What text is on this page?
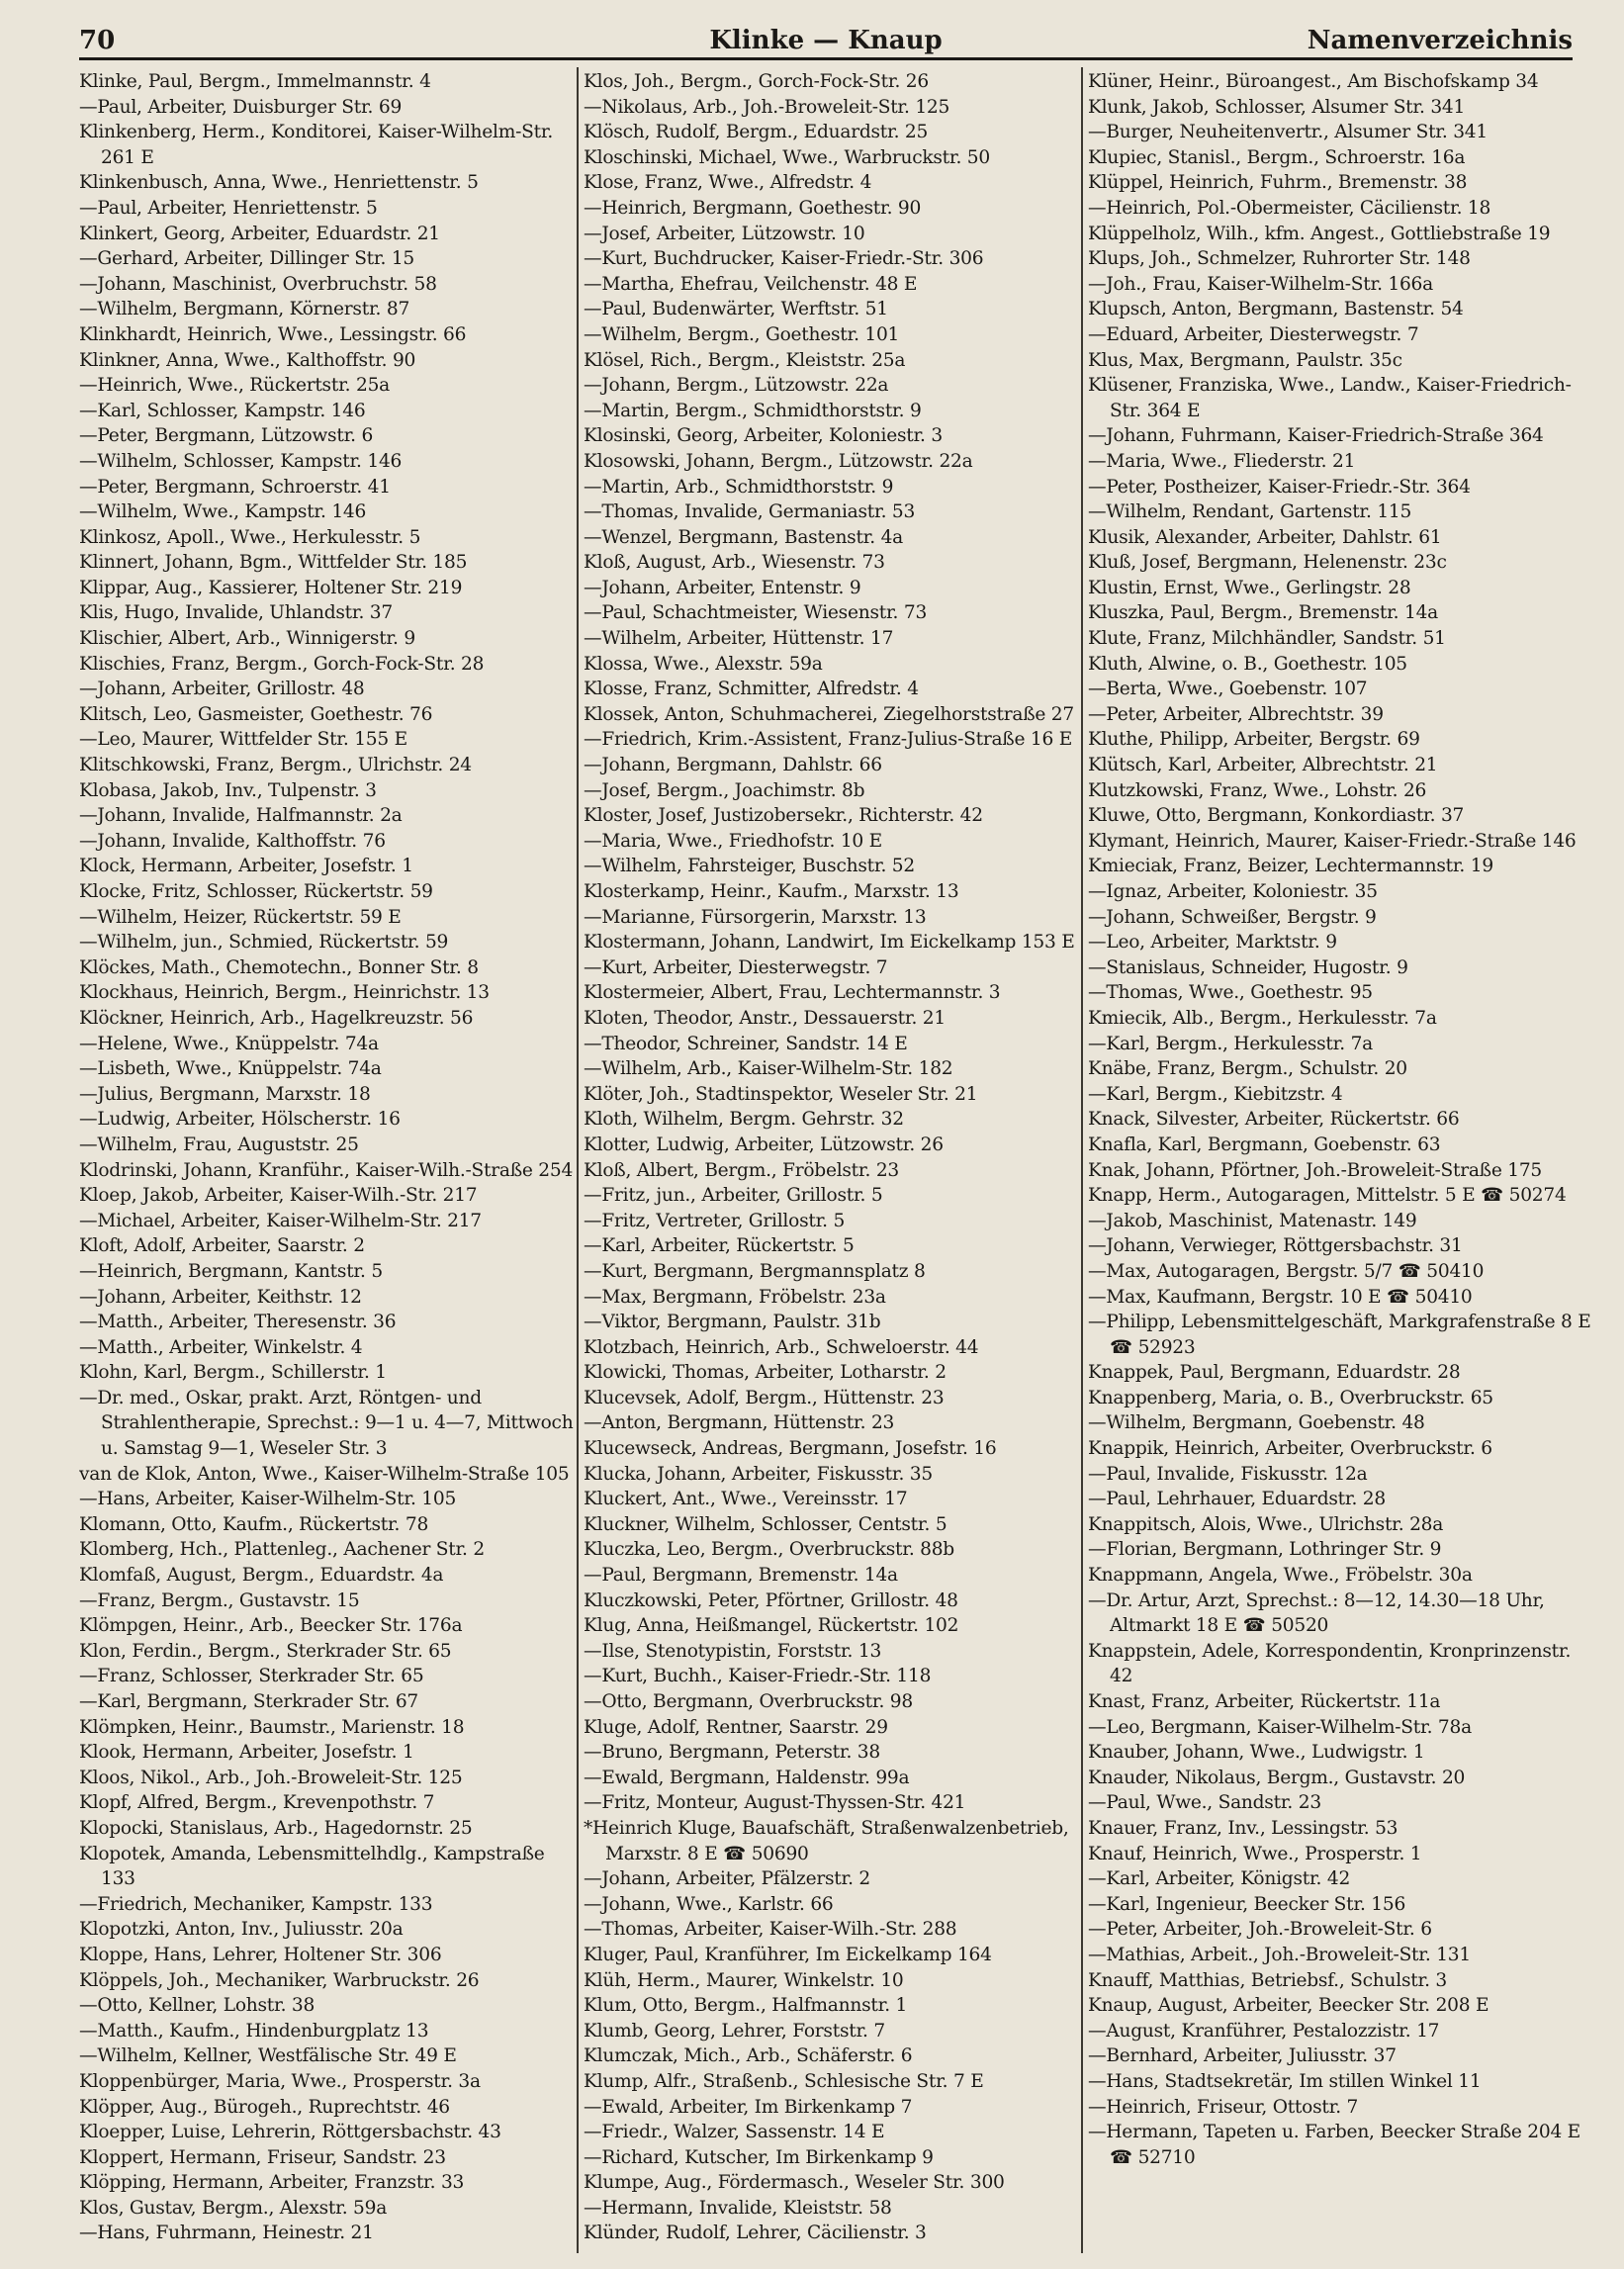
70	Klinke — Knaup	Namenverzeichnis
Klinke, Paul, Bergm., Immelmannstr. 4
—Paul, Arbeiter, Duisburger Str. 69
Klinkenberg, Herm., Konditorei, Kaiser-Wilhelm-Str. 261 E
Klinkenbusch, Anna, Wwe., Henriettenstr. 5
—Paul, Arbeiter, Henriettenstr. 5
Klinkert, Georg, Arbeiter, Eduardstr. 21
—Gerhard, Arbeiter, Dillinger Str. 15
—Johann, Maschinist, Overbruchstr. 58
—Wilhelm, Bergmann, Körnerstr. 87
Klinkhardt, Heinrich, Wwe., Lessingstr. 66
Klinkner, Anna, Wwe., Kalthoffstr. 90
—Heinrich, Wwe., Rückertstr. 25a
—Karl, Schlosser, Kampstr. 146
—Peter, Bergmann, Lützowstr. 6
—Wilhelm, Schlosser, Kampstr. 146
—Peter, Bergmann, Schroerstr. 41
—Wilhelm, Wwe., Kampstr. 146
Klinkosz, Apoll., Wwe., Herkulesstr. 5
Klinnert, Johann, Bgm., Wittfelder Str. 185
Klippar, Aug., Kassierer, Holtener Str. 219
Klis, Hugo, Invalide, Uhlandstr. 37
Klischier, Albert, Arb., Winnigerstr. 9
Klischies, Franz, Bergm., Gorch-Fock-Str. 28
—Johann, Arbeiter, Grillostr. 48
Klitsch, Leo, Gasmeister, Goethestr. 76
—Leo, Maurer, Wittfelder Str. 155 E
Klitschkowski, Franz, Bergm., Ulrichstr. 24
Klobasa, Jakob, Inv., Tulpenstr. 3
—Johann, Invalide, Halfmannstr. 2a
—Johann, Invalide, Kalthoffstr. 76
Klock, Hermann, Arbeiter, Josefstr. 1
Klocke, Fritz, Schlosser, Rückertstr. 59
—Wilhelm, Heizer, Rückertstr. 59 E
—Wilhelm, jun., Schmied, Rückertstr. 59
Klöckes, Math., Chemotechn., Bonner Str. 8
Klockhaus, Heinrich, Bergm., Heinrichstr. 13
Klöckner, Heinrich, Arb., Hagelkreuzstr. 56
—Helene, Wwe., Knüppelstr. 74a
—Lisbeth, Wwe., Knüppelstr. 74a
—Julius, Bergmann, Marxstr. 18
—Ludwig, Arbeiter, Hölscherstr. 16
—Wilhelm, Frau, Auguststr. 25
Klodrinski, Johann, Kranführ., Kaiser-Wilh.-Straße 254
Kloep, Jakob, Arbeiter, Kaiser-Wilh.-Str. 217
—Michael, Arbeiter, Kaiser-Wilhelm-Str. 217
Kloft, Adolf, Arbeiter, Saarstr. 2
—Heinrich, Bergmann, Kantstr. 5
—Johann, Arbeiter, Keithstr. 12
—Matth., Arbeiter, Theresenstr. 36
—Matth., Arbeiter, Winkelstr. 4
Klohn, Karl, Bergm., Schillerstr. 1
—Dr. med., Oskar, prakt. Arzt, Röntgen- und Strahlentherapie, Sprechst.: 9—1 u. 4—7, Mittwoch u. Samstag 9—1, Weseler Str. 3
van de Klok, Anton, Wwe., Kaiser-Wilhelm-Straße 105
—Hans, Arbeiter, Kaiser-Wilhelm-Str. 105
Klomann, Otto, Kaufm., Rückertstr. 78
Klomberg, Hch., Plattenleg., Aachener Str. 2
Klomfaß, August, Bergm., Eduardstr. 4a
—Franz, Bergm., Gustavstr. 15
Klömpgen, Heinr., Arb., Beecker Str. 176a
Klon, Ferdin., Bergm., Sterkrader Str. 65
—Franz, Schlosser, Sterkrader Str. 65
—Karl, Bergmann, Sterkrader Str. 67
Klömpken, Heinr., Baumstr., Marienstr. 18
Klook, Hermann, Arbeiter, Josefstr. 1
Kloos, Nikol., Arb., Joh.-Broweleit-Str. 125
Klopf, Alfred, Bergm., Krevenpothstr. 7
Klopocki, Stanislaus, Arb., Hagedornstr. 25
Klopotek, Amanda, Lebensmittelhdlg., Kampstraße 133
—Friedrich, Mechaniker, Kampstr. 133
Klopotzki, Anton, Inv., Juliusstr. 20a
Kloppe, Hans, Lehrer, Holtener Str. 306
Klöppels, Joh., Mechaniker, Warbruckstr. 26
—Otto, Kellner, Lohstr. 38
—Matth., Kaufm., Hindenburgplatz 13
—Wilhelm, Kellner, Westfälische Str. 49 E
Kloppenbürger, Maria, Wwe., Prosperstr. 3a
Klöpper, Aug., Bürogeh., Ruprechtstr. 46
Kloepper, Luise, Lehrerin, Röttgersbachstr. 43
Kloppert, Hermann, Friseur, Sandstr. 23
Klöpping, Hermann, Arbeiter, Franzstr. 33
Klos, Gustav, Bergm., Alexstr. 59a
—Hans, Fuhrmann, Heinestr. 21
Klos, Joh., Bergm., Gorch-Fock-Str. 26
—Nikolaus, Arb., Joh.-Broweleit-Str. 125
Klösch, Rudolf, Bergm., Eduardstr. 25
Kloschinski, Michael, Wwe., Warbruckstr. 50
Klose, Franz, Wwe., Alfredstr. 4
—Heinrich, Bergmann, Goethestr. 90
—Josef, Arbeiter, Lützowstr. 10
—Kurt, Buchdrucker, Kaiser-Friedr.-Str. 306
—Martha, Ehefrau, Veilchenstr. 48 E
—Paul, Budenwärter, Werftstr. 51
—Wilhelm, Bergm., Goethestr. 101
Klösel, Rich., Bergm., Kleiststr. 25a
—Johann, Bergm., Lützowstr. 22a
—Martin, Bergm., Schmidthorststr. 9
Klosinski, Georg, Arbeiter, Koloniestr. 3
Klosowski, Johann, Bergm., Lützowstr. 22a
—Martin, Arb., Schmidthorststr. 9
—Thomas, Invalide, Germaniastr. 53
—Wenzel, Bergmann, Bastenstr. 4a
Kloß, August, Arb., Wiesenstr. 73
—Johann, Arbeiter, Entenstr. 9
—Paul, Schachtmeister, Wiesenstr. 73
—Wilhelm, Arbeiter, Hüttenstr. 17
Klossa, Wwe., Alexstr. 59a
Klosse, Franz, Schmitter, Alfredstr. 4
Klossek, Anton, Schuhmacherei, Ziegelhorststraße 27
—Friedrich, Krim.-Assistent, Franz-Julius-Straße 16 E
—Johann, Bergmann, Dahlstr. 66
—Josef, Bergm., Joachimstr. 8b
Kloster, Josef, Justizobersekr., Richterstr. 42
—Maria, Wwe., Friedhofstr. 10 E
—Wilhelm, Fahrsteiger, Buschstr. 52
Klosterkamp, Heinr., Kaufm., Marxstr. 13
—Marianne, Fürsorgerin, Marxstr. 13
Klostermann, Johann, Landwirt, Im Eickelkamp 153 E
—Kurt, Arbeiter, Diesterwegstr. 7
Klostermeier, Albert, Frau, Lechtermannstr. 3
Kloten, Theodor, Anstr., Dessauerstr. 21
—Theodor, Schreiner, Sandstr. 14 E
—Wilhelm, Arb., Kaiser-Wilhelm-Str. 182
Klöter, Joh., Stadtinspektor, Weseler Str. 21
Kloth, Wilhelm, Bergm. Gehrstr. 32
Klotter, Ludwig, Arbeiter, Lützowstr. 26
Kloß, Albert, Bergm., Fröbelstr. 23
—Fritz, jun., Arbeiter, Grillostr. 5
—Fritz, Vertreter, Grillostr. 5
—Karl, Arbeiter, Rückertstr. 5
—Kurt, Bergmann, Bergmannsplatz 8
—Max, Bergmann, Fröbelstr. 23a
—Viktor, Bergmann, Paulstr. 31b
Klotzbach, Heinrich, Arb., Schweloerstr. 44
Klowicki, Thomas, Arbeiter, Lotharstr. 2
Klucevsek, Adolf, Bergm., Hüttenstr. 23
—Anton, Bergmann, Hüttenstr. 23
Klucewseck, Andreas, Bergmann, Josefstr. 16
Klucka, Johann, Arbeiter, Fiskusstr. 35
Kluckert, Ant., Wwe., Vereinsstr. 17
Kluckner, Wilhelm, Schlosser, Centstr. 5
Kluczka, Leo, Bergm., Overbruckstr. 88b
—Paul, Bergmann, Bremenstr. 14a
Kluczkowski, Peter, Pförtner, Grillostr. 48
Klug, Anna, Heißmangel, Rückertstr. 102
—Ilse, Stenotypistin, Forststr. 13
—Kurt, Buchh., Kaiser-Friedr.-Str. 118
—Otto, Bergmann, Overbruckstr. 98
Kluge, Adolf, Rentner, Saarstr. 29
—Bruno, Bergmann, Peterstr. 38
—Ewald, Bergmann, Haldenstr. 99a
—Fritz, Monteur, August-Thyssen-Str. 421
*Heinrich Kluge, Bauafschäft, Straßenwalzenbetrieb, Marxstr. 8 E ☎ 50690
—Johann, Arbeiter, Pfälzerstr. 2
—Johann, Wwe., Karlstr. 66
—Thomas, Arbeiter, Kaiser-Wilh.-Str. 288
Kluger, Paul, Kranführer, Im Eickelkamp 164
Klüh, Herm., Maurer, Winkelstr. 10
Klum, Otto, Bergm., Halfmannstr. 1
Klumb, Georg, Lehrer, Forststr. 7
Klumczak, Mich., Arb., Schäferstr. 6
Klump, Alfr., Straßenb., Schlesische Str. 7 E
—Ewald, Arbeiter, Im Birkenkamp 7
—Friedr., Walzer, Sassenstr. 14 E
—Richard, Kutscher, Im Birkenkamp 9
Klumpe, Aug., Fördermasch., Weseler Str. 300
—Hermann, Invalide, Kleiststr. 58
Klünder, Rudolf, Lehrer, Cäcilienstr. 3
Klüner, Heinr., Büroangest., Am Bischofskamp 34
Klunk, Jakob, Schlosser, Alsumer Str. 341
—Burger, Neuheitenvertr., Alsumer Str. 341
Klupiec, Stanisl., Bergm., Schroerstr. 16a
Klüppel, Heinrich, Fuhrm., Bremenstr. 38
—Heinrich, Pol.-Obermeister, Cäcilienstr. 18
Klüppelholz, Wilh., kfm. Angest., Gottliebstraße 19
Klups, Joh., Schmelzer, Ruhrorter Str. 148
—Joh., Frau, Kaiser-Wilhelm-Str. 166a
Klupsch, Anton, Bergmann, Bastenstr. 54
—Eduard, Arbeiter, Diesterwegstr. 7
Klus, Max, Bergmann, Paulstr. 35c
Klüsener, Franziska, Wwe., Landw., Kaiser-Friedrich-Str. 364 E
—Johann, Fuhrmann, Kaiser-Friedrich-Straße 364
—Maria, Wwe., Fliederstr. 21
—Peter, Postheizer, Kaiser-Friedr.-Str. 364
—Wilhelm, Rendant, Gartenstr. 115
Klusik, Alexander, Arbeiter, Dahlstr. 61
Kluß, Josef, Bergmann, Helenenstr. 23c
Klustin, Ernst, Wwe., Gerlingstr. 28
Kluszka, Paul, Bergm., Bremenstr. 14a
Klute, Franz, Milchhändler, Sandstr. 51
Kluth, Alwine, o. B., Goethestr. 105
—Berta, Wwe., Goebenstr. 107
—Peter, Arbeiter, Albrechtstr. 39
Kluthe, Philipp, Arbeiter, Bergstr. 69
Klütsch, Karl, Arbeiter, Albrechtstr. 21
Klutzkowski, Franz, Wwe., Lohstr. 26
Kluwe, Otto, Bergmann, Konkordiastr. 37
Klymant, Heinrich, Maurer, Kaiser-Friedr.-Straße 146
Kmieciak, Franz, Beizer, Lechtermannstr. 19
—Ignaz, Arbeiter, Koloniestr. 35
—Johann, Schweißer, Bergstr. 9
—Leo, Arbeiter, Marktstr. 9
—Stanislaus, Schneider, Hugostr. 9
—Thomas, Wwe., Goethestr. 95
Kmiecik, Alb., Bergm., Herkulesstr. 7a
—Karl, Bergm., Herkulesstr. 7a
Knäbe, Franz, Bergm., Schulstr. 20
—Karl, Bergm., Kiebitzstr. 4
Knack, Silvester, Arbeiter, Rückertstr. 66
Knafla, Karl, Bergmann, Goebenstr. 63
Knak, Johann, Pförtner, Joh.-Broweleit-Straße 175
Knapp, Herm., Autogaragen, Mittelstr. 5 E ☎ 50274
—Jakob, Maschinist, Matenastr. 149
—Johann, Verwieger, Röttgersbachstr. 31
—Max, Autogaragen, Bergstr. 5/7 ☎ 50410
—Max, Kaufmann, Bergstr. 10 E ☎ 50410
—Philipp, Lebensmittelgeschäft, Markgrafenstraße 8 E ☎ 52923
Knappek, Paul, Bergmann, Eduardstr. 28
Knappenberg, Maria, o. B., Overbruckstr. 65
—Wilhelm, Bergmann, Goebenstr. 48
Knappik, Heinrich, Arbeiter, Overbruckstr. 6
—Paul, Invalide, Fiskusstr. 12a
—Paul, Lehrhauer, Eduardstr. 28
Knappitsch, Alois, Wwe., Ulrichstr. 28a
—Florian, Bergmann, Lothringer Str. 9
Knappmann, Angela, Wwe., Fröbelstr. 30a
—Dr. Artur, Arzt, Sprechst.: 8—12, 14.30—18 Uhr, Altmarkt 18 E ☎ 50520
Knappstein, Adele, Korrespondentin, Kronprinzenstr. 42
Knast, Franz, Arbeiter, Rückertstr. 11a
—Leo, Bergmann, Kaiser-Wilhelm-Str. 78a
Knauber, Johann, Wwe., Ludwigstr. 1
Knauder, Nikolaus, Bergm., Gustavstr. 20
—Paul, Wwe., Sandstr. 23
Knauer, Franz, Inv., Lessingstr. 53
Knauf, Heinrich, Wwe., Prosperstr. 1
—Karl, Arbeiter, Königstr. 42
—Karl, Ingenieur, Beecker Str. 156
—Peter, Arbeiter, Joh.-Broweleit-Str. 6
—Mathias, Arbeit., Joh.-Broweleit-Str. 131
Knauff, Matthias, Betriebsf., Schulstr. 3
Knaup, August, Arbeiter, Beecker Str. 208 E
—August, Kranführer, Pestalozzistr. 17
—Bernhard, Arbeiter, Juliusstr. 37
—Hans, Stadtsekretär, Im stillen Winkel 11
—Heinrich, Friseur, Ottostr. 7
—Hermann, Tapeten u. Farben, Beecker Straße 204 E ☎ 52710
